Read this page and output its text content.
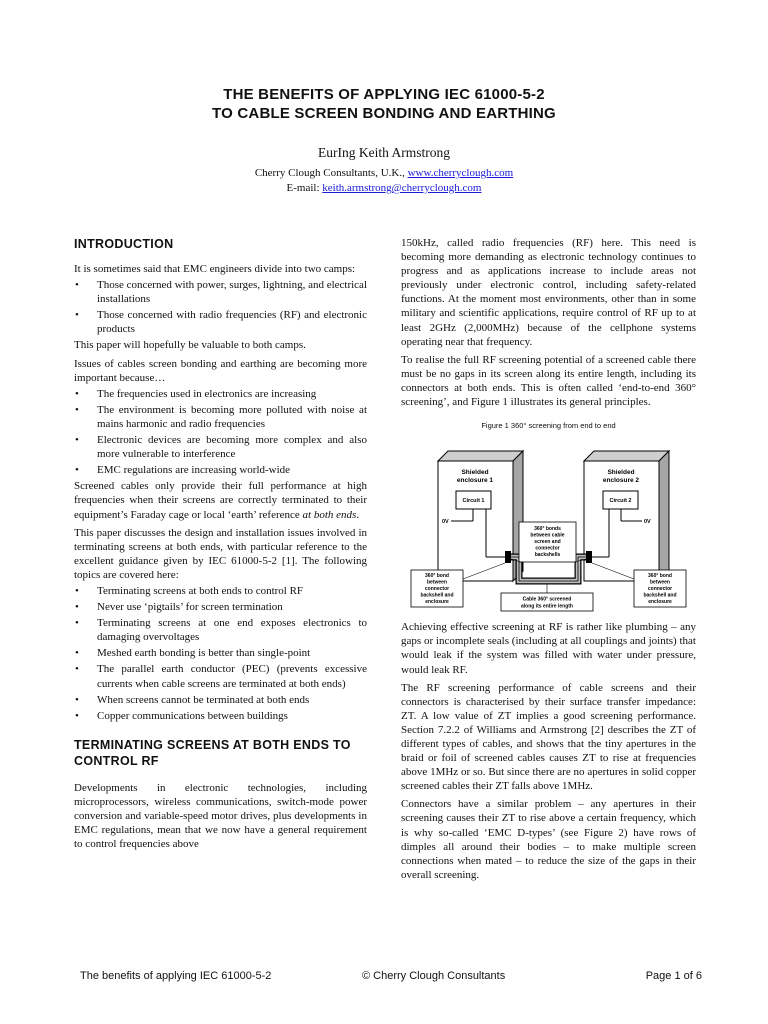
THE BENEFITS OF APPLYING IEC 61000-5-2
TO CABLE SCREEN BONDING AND EARTHING
EurIng Keith Armstrong
Cherry Clough Consultants, U.K., www.cherryclough.com
E-mail: keith.armstrong@cherryclough.com
INTRODUCTION

It is sometimes said that EMC engineers divide into two camps:

• Those concerned with power, surges, lightning, and electrical installations
• Those concerned with radio frequencies (RF) and electronic products

This paper will hopefully be valuable to both camps.

Issues of cables screen bonding and earthing are becoming more important because…

• The frequencies used in electronics are increasing
• The environment is becoming more polluted with noise at mains harmonic and radio frequencies
• Electronic devices are becoming more complex and also more vulnerable to interference
• EMC regulations are increasing world-wide

Screened cables only provide their full performance at high frequencies when their screens are correctly terminated to their equipment’s Faraday cage or local ‘earth’ reference at both ends.

This paper discusses the design and installation issues involved in terminating screens at both ends, with particular reference to the excellent guidance given by IEC 61000-5-2 [1]. The following topics are covered here:

• Terminating screens at both ends to control RF
• Never use ‘pigtails’ for screen termination
• Terminating screens at one end exposes electronics to damaging overvoltages
• Meshed earth bonding is better than single-point
• The parallel earth conductor (PEC) (prevents excessive currents when cable screens are terminated at both ends)
• When screens cannot be terminated at both ends
• Copper communications between buildings
TERMINATING SCREENS AT BOTH ENDS TO
CONTROL RF

Developments in electronic technologies, including microprocessors, wireless communications, switch-mode power conversion and variable-speed motor drives, plus developments in EMC regulations, mean that we now have a general requirement to control frequencies above

150kHz, called radio frequencies (RF) here. This need is becoming more demanding as electronic technology continues to progress and as applications increase to include areas not previously under electronic control, including safety-related functions. At the moment most environments, other than in some military and scientific applications, require control of RF up to at least 2GHz (2,000MHz) because of the cellphone systems operating near that frequency.

To realise the full RF screening potential of a screened cable there must be no gaps in its screen along its entire length, including its connectors at both ends. This is often called ‘end-to-end 360° screening’, and Figure 1 illustrates its general principles.

Figure 1 360° screening from end to end
Shielded
enclosure 1
Circuit 1
0V
Shielded
enclosure 2
Circuit 2
0V
360° bonds
between cable
screen and
connector
backshells
360° bond
between
connector
backshell and
enclosure
360° bond
between
connector
backshell and
enclosure
Cable 360° screened
along its entire length

Achieving effective screening at RF is rather like plumbing – any gaps or incomplete seals (including at all couplings and joints) that would leak if the system was filled with water under pressure, would leak RF.

The RF screening performance of cable screens and their connectors is characterised by their surface transfer impedance: ZT. A low value of ZT implies a good screening performance. Section 7.2.2 of Williams and Armstrong [2] describes the ZT of different types of cables, and shows that the tiny apertures in the braid or foil of screened cables causes ZT to rise at frequencies above 1MHz or so. But since there are no apertures in solid copper screened cables their ZT falls above 1MHz.

Connectors have a similar problem – any apertures in their screening causes their ZT to rise above a certain frequency, which is why so-called ‘EMC D-types’ (see Figure 2) have rows of dimples all around their bodies – to make multiple screen connections when mated – to reduce the size of the gaps in their overall screening.

The benefits of applying IEC 61000-5-2	© Cherry Clough Consultants	Page 1 of 6
